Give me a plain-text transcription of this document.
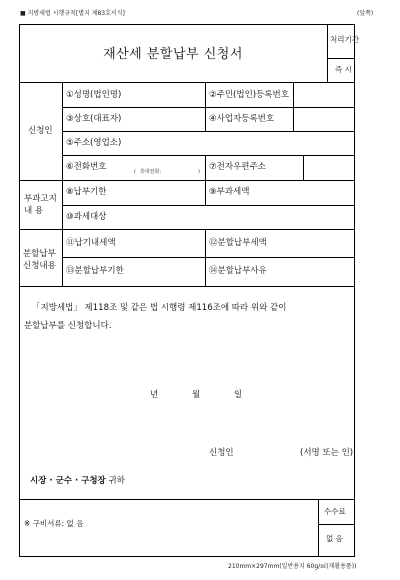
■ 지방세법 시행규칙[별지 제83호서식]	(앞쪽)
재산세 분할납부 신청서
처리기간
즉 시
신청인
①성명(법인명)	②주민(법인)등록번호
③상호(대표자)	④사업자등록번호
⑤주소(영업소)
⑥전화번호	( 휴대전화:	) ⑦전자우편주소
부과고지
내 용
⑧납부기한	⑨부과세액
⑩과세대상
분할납부
신청내용
⑪납기내세액	⑫분할납부세액
⑬분할납부기한	⑭분할납부사유
「지방세법」 제118조 및 같은 법 시행령 제116조에 따라 위와 같이
분할납부를 신청합니다.
년	월	일
신청인	(서명 또는 인)
시장 · 군수 · 구청장 귀하
※ 구비서류: 없 음
수수료
없 음
210mm×297mm(일반용지 60g/㎡(재활용품))
